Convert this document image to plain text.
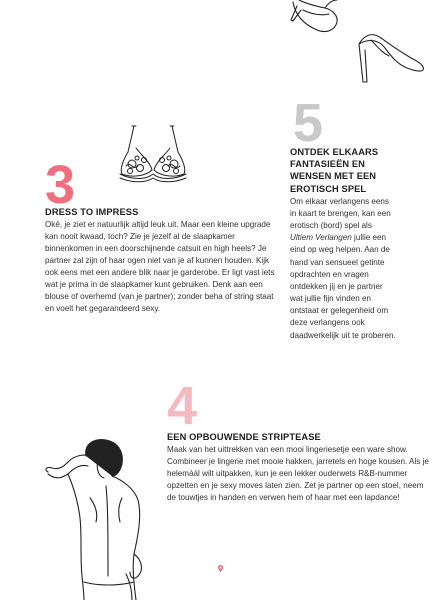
5

ONTDEK ELKAARS
FANTASIEËN EN
WENSEN MET EEN
EROTISCH SPEL

Om elkaar verlangens eens in kaart te brengen, kan een erotisch (bord) spel als Ultiem Verlangen jullie een eind op weg helpen. Aan de hand van sensueel getinte opdrachten en vragen ontdekken jij en je partner wat jullie fijn vinden en ontstaat er gelegenheid om deze verlangens ook daadwerkelijk uit te proberen.

3

DRESS TO IMPRESS

Oké, je ziet er natuurlijk altijd leuk uit. Maar een kleine upgrade kan nooit kwaad, toch? Zie je jezelf al de slaapkamer binnenkomen in een doorschijnende catsuit en high heels? Je partner zal zijn of haar ogen niet van je af kunnen houden. Kijk ook eens met een andere blik naar je garderobe. Er ligt vast iets wat je prima in de slaapkamer kunt gebruiken. Denk aan een blouse of overhemd (van je partner); zonder beha of string staat en voelt het gegarandeerd sexy.

4

EEN OPBOUWENDE STRIPTEASE

Maak van het uittrekken van een mooi lingeriesetje een ware show. Combineer je lingerie met mooie hakken, jarretels en hoge kousen. Als je helemáál wilt uitpakken, kun je een lekker ouderwets R&B-nummer opzetten en je sexy moves laten zien. Zet je partner op een stoel, neem de touwtjes in handen en verwen hem of haar met een lapdance!
